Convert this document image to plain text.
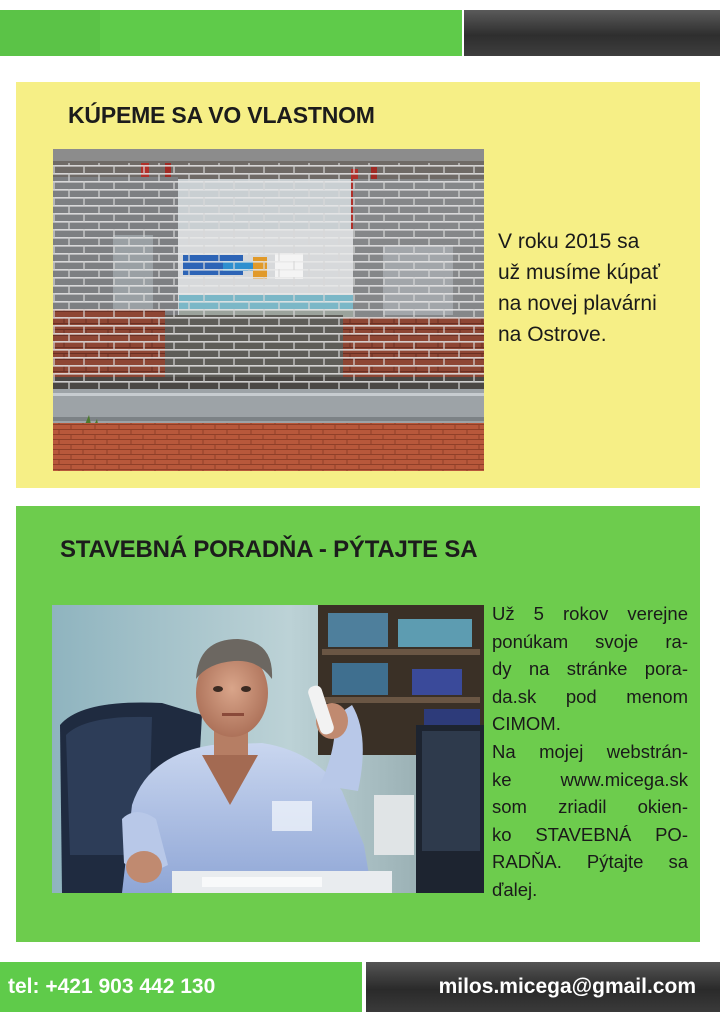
KÚPEME SA VO VLASTNOM
V roku 2015 sa
už musíme kúpať
na novej plavárni
na Ostrove.
STAVEBNÁ PORADŇA - PÝTAJTE SA
Už 5 rokov verejne
ponúkam svoje ra-
dy na stránke pora-
da.sk pod menom
CIMOM.
Na mojej webstrán-
ke www.micega.sk
som zriadil okien-
ko STAVEBNÁ PO-
RADŇA. Pýtajte sa
ďalej.
tel: +421 903 442 130	milos.micega@gmail.com
